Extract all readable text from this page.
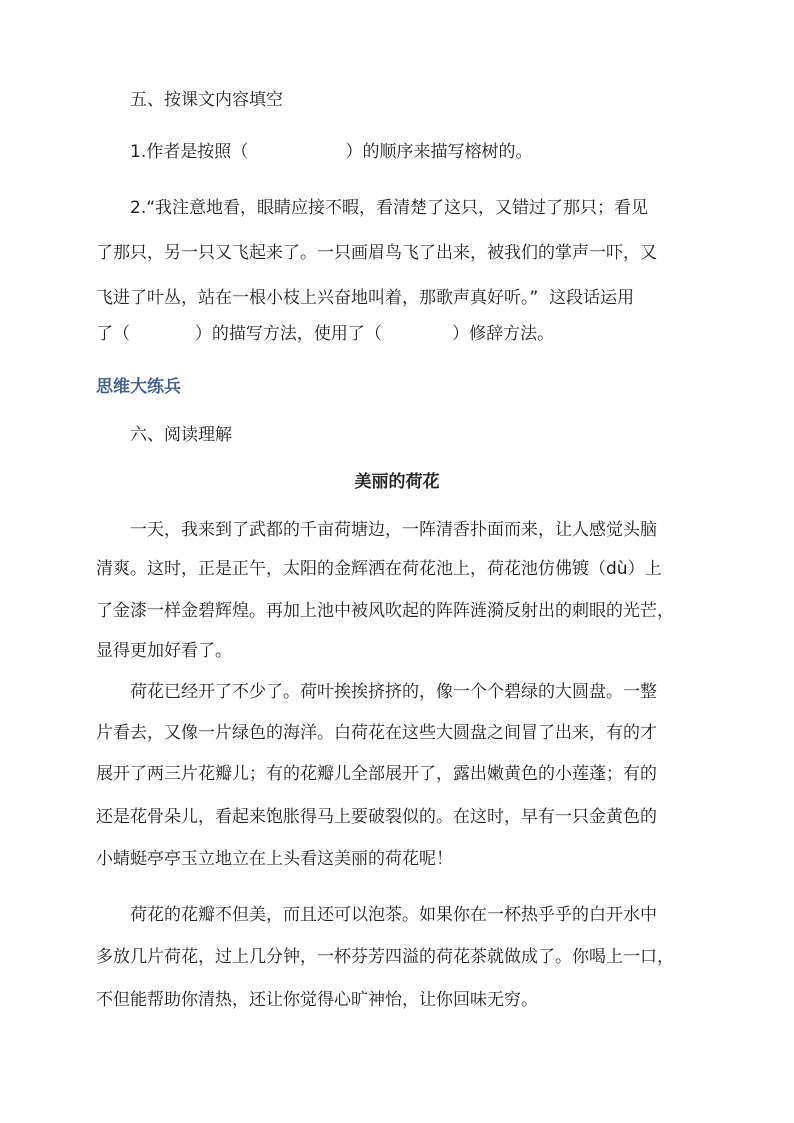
五、按课文内容填空
1.作者是按照（                  ）的顺序来描写榕树的。
2.“我注意地看，眼睛应接不暇，看清楚了这只，又错过了那只；看见
了那只，另一只又飞起来了。一只画眉鸟飞了出来，被我们的掌声一吓，又
飞进了叶丛，站在一根小枝上兴奋地叫着，那歌声真好听。”  这段话运用
了（            ）的描写方法，使用了（             ）修辞方法。
思维大练兵
六、阅读理解
美丽的荷花
一天，我来到了武都的千亩荷塘边，一阵清香扑面而来，让人感觉头脑
清爽。这时，正是正午，太阳的金辉洒在荷花池上，荷花池仿佛镀（dù）上
了金漆一样金碧辉煌。再加上池中被风吹起的阵阵涟漪反射出的刺眼的光芒，
显得更加好看了。
荷花已经开了不少了。荷叶挨挨挤挤的，像一个个碧绿的大圆盘。一整
片看去，又像一片绿色的海洋。白荷花在这些大圆盘之间冒了出来，有的才
展开了两三片花瓣儿；有的花瓣儿全部展开了，露出嫩黄色的小莲蓬；有的
还是花骨朵儿，看起来饱胀得马上要破裂似的。在这时，早有一只金黄色的
小蜻蜓亭亭玉立地立在上头看这美丽的荷花呢！
荷花的花瓣不但美，而且还可以泡茶。如果你在一杯热乎乎的白开水中
多放几片荷花，过上几分钟，一杯芬芳四溢的荷花茶就做成了。你喝上一口，
不但能帮助你清热，还让你觉得心旷神怡，让你回味无穷。
